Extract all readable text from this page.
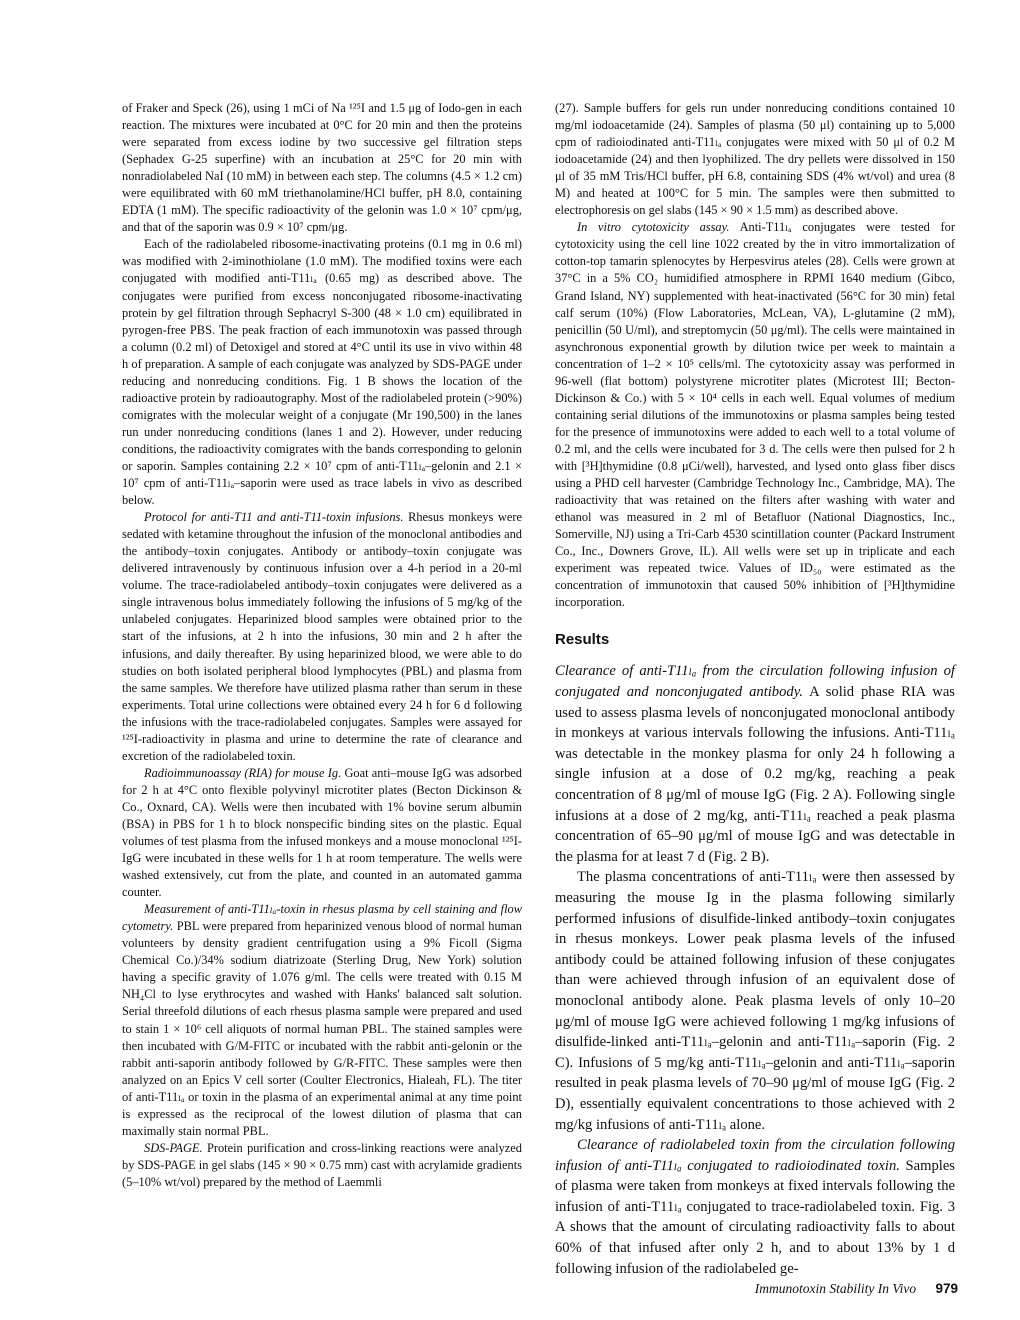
of Fraker and Speck (26), using 1 mCi of Na ¹²⁵I and 1.5 μg of Iodo-gen in each reaction. The mixtures were incubated at 0°C for 20 min and then the proteins were separated from excess iodine by two successive gel filtration steps (Sephadex G-25 superfine) with an incubation at 25°C for 20 min with nonradiolabeled NaI (10 mM) in between each step. The columns (4.5 × 1.2 cm) were equilibrated with 60 mM triethanolamine/HCl buffer, pH 8.0, containing EDTA (1 mM). The specific radioactivity of the gelonin was 1.0 × 10⁷ cpm/μg, and that of the saporin was 0.9 × 10⁷ cpm/μg.

Each of the radiolabeled ribosome-inactivating proteins (0.1 mg in 0.6 ml) was modified with 2-iminothiolane (1.0 mM). The modified toxins were each conjugated with modified anti-T11ₗₐ (0.65 mg) as described above. The conjugates were purified from excess nonconjugated ribosome-inactivating protein by gel filtration through Sephacryl S-300 (48 × 1.0 cm) equilibrated in pyrogen-free PBS. The peak fraction of each immunotoxin was passed through a column (0.2 ml) of Detoxigel and stored at 4°C until its use in vivo within 48 h of preparation. A sample of each conjugate was analyzed by SDS-PAGE under reducing and nonreducing conditions. Fig. 1 B shows the location of the radioactive protein by radioautography. Most of the radiolabeled protein (>90%) comigrates with the molecular weight of a conjugate (Mr 190,500) in the lanes run under nonreducing conditions (lanes 1 and 2). However, under reducing conditions, the radioactivity comigrates with the bands corresponding to gelonin or saporin. Samples containing 2.2 × 10⁷ cpm of anti-T11ₗₐ–gelonin and 2.1 × 10⁷ cpm of anti-T11ₗₐ–saporin were used as trace labels in vivo as described below.

Protocol for anti-T11 and anti-T11-toxin infusions. Rhesus monkeys were sedated with ketamine throughout the infusion of the monoclonal antibodies and the antibody–toxin conjugates. Antibody or antibody–toxin conjugate was delivered intravenously by continuous infusion over a 4-h period in a 20-ml volume. The trace-radiolabeled antibody–toxin conjugates were delivered as a single intravenous bolus immediately following the infusions of 5 mg/kg of the unlabeled conjugates. Heparinized blood samples were obtained prior to the start of the infusions, at 2 h into the infusions, 30 min and 2 h after the infusions, and daily thereafter. By using heparinized blood, we were able to do studies on both isolated peripheral blood lymphocytes (PBL) and plasma from the same samples. We therefore have utilized plasma rather than serum in these experiments. Total urine collections were obtained every 24 h for 6 d following the infusions with the trace-radiolabeled conjugates. Samples were assayed for ¹²⁵I-radioactivity in plasma and urine to determine the rate of clearance and excretion of the radiolabeled toxin.

Radioimmunoassay (RIA) for mouse Ig. Goat anti–mouse IgG was adsorbed for 2 h at 4°C onto flexible polyvinyl microtiter plates (Becton Dickinson & Co., Oxnard, CA). Wells were then incubated with 1% bovine serum albumin (BSA) in PBS for 1 h to block nonspecific binding sites on the plastic. Equal volumes of test plasma from the infused monkeys and a mouse monoclonal ¹²⁵I-IgG were incubated in these wells for 1 h at room temperature. The wells were washed extensively, cut from the plate, and counted in an automated gamma counter.

Measurement of anti-T11ₗₐ-toxin in rhesus plasma by cell staining and flow cytometry. PBL were prepared from heparinized venous blood of normal human volunteers by density gradient centrifugation using a 9% Ficoll (Sigma Chemical Co.)/34% sodium diatrizoate (Sterling Drug, New York) solution having a specific gravity of 1.076 g/ml. The cells were treated with 0.15 M NH₄Cl to lyse erythrocytes and washed with Hanks' balanced salt solution. Serial threefold dilutions of each rhesus plasma sample were prepared and used to stain 1 × 10⁶ cell aliquots of normal human PBL. The stained samples were then incubated with G/M-FITC or incubated with the rabbit anti-gelonin or the rabbit anti-saporin antibody followed by G/R-FITC. These samples were then analyzed on an Epics V cell sorter (Coulter Electronics, Hialeah, FL). The titer of anti-T11ₗₐ or toxin in the plasma of an experimental animal at any time point is expressed as the reciprocal of the lowest dilution of plasma that can maximally stain normal PBL.

SDS-PAGE. Protein purification and cross-linking reactions were analyzed by SDS-PAGE in gel slabs (145 × 90 × 0.75 mm) cast with acrylamide gradients (5–10% wt/vol) prepared by the method of Laemmli

(27). Sample buffers for gels run under nonreducing conditions contained 10 mg/ml iodoacetamide (24). Samples of plasma (50 μl) containing up to 5,000 cpm of radioiodinated anti-T11ₗₐ conjugates were mixed with 50 μl of 0.2 M iodoacetamide (24) and then lyophilized. The dry pellets were dissolved in 150 μl of 35 mM Tris/HCl buffer, pH 6.8, containing SDS (4% wt/vol) and urea (8 M) and heated at 100°C for 5 min. The samples were then submitted to electrophoresis on gel slabs (145 × 90 × 1.5 mm) as described above.

In vitro cytotoxicity assay. Anti-T11ₗₐ conjugates were tested for cytotoxicity using the cell line 1022 created by the in vitro immortalization of cotton-top tamarin splenocytes by Herpesvirus ateles (28). Cells were grown at 37°C in a 5% CO₂ humidified atmosphere in RPMI 1640 medium (Gibco, Grand Island, NY) supplemented with heat-inactivated (56°C for 30 min) fetal calf serum (10%) (Flow Laboratories, McLean, VA), L-glutamine (2 mM), penicillin (50 U/ml), and streptomycin (50 μg/ml). The cells were maintained in asynchronous exponential growth by dilution twice per week to maintain a concentration of 1–2 × 10⁵ cells/ml. The cytotoxicity assay was performed in 96-well (flat bottom) polystyrene microtiter plates (Microtest III; Becton-Dickinson & Co.) with 5 × 10⁴ cells in each well. Equal volumes of medium containing serial dilutions of the immunotoxins or plasma samples being tested for the presence of immunotoxins were added to each well to a total volume of 0.2 ml, and the cells were incubated for 3 d. The cells were then pulsed for 2 h with [³H]thymidine (0.8 μCi/well), harvested, and lysed onto glass fiber discs using a PHD cell harvester (Cambridge Technology Inc., Cambridge, MA). The radioactivity that was retained on the filters after washing with water and ethanol was measured in 2 ml of Betafluor (National Diagnostics, Inc., Somerville, NJ) using a Tri-Carb 4530 scintillation counter (Packard Instrument Co., Inc., Downers Grove, IL). All wells were set up in triplicate and each experiment was repeated twice. Values of ID₅₀ were estimated as the concentration of immunotoxin that caused 50% inhibition of [³H]thymidine incorporation.

Results

Clearance of anti-T11ₗₐ from the circulation following infusion of conjugated and nonconjugated antibody. A solid phase RIA was used to assess plasma levels of nonconjugated monoclonal antibody in monkeys at various intervals following the infusions. Anti-T11ₗₐ was detectable in the monkey plasma for only 24 h following a single infusion at a dose of 0.2 mg/kg, reaching a peak concentration of 8 μg/ml of mouse IgG (Fig. 2 A). Following single infusions at a dose of 2 mg/kg, anti-T11ₗₐ reached a peak plasma concentration of 65–90 μg/ml of mouse IgG and was detectable in the plasma for at least 7 d (Fig. 2 B).

The plasma concentrations of anti-T11ₗₐ were then assessed by measuring the mouse Ig in the plasma following similarly performed infusions of disulfide-linked antibody–toxin conjugates in rhesus monkeys. Lower peak plasma levels of the infused antibody could be attained following infusion of these conjugates than were achieved through infusion of an equivalent dose of monoclonal antibody alone. Peak plasma levels of only 10–20 μg/ml of mouse IgG were achieved following 1 mg/kg infusions of disulfide-linked anti-T11ₗₐ–gelonin and anti-T11ₗₐ–saporin (Fig. 2 C). Infusions of 5 mg/kg anti-T11ₗₐ–gelonin and anti-T11ₗₐ–saporin resulted in peak plasma levels of 70–90 μg/ml of mouse IgG (Fig. 2 D), essentially equivalent concentrations to those achieved with 2 mg/kg infusions of anti-T11ₗₐ alone.

Clearance of radiolabeled toxin from the circulation following infusion of anti-T11ₗₐ conjugated to radioiodinated toxin. Samples of plasma were taken from monkeys at fixed intervals following the infusion of anti-T11ₗₐ conjugated to trace-radiolabeled toxin. Fig. 3 A shows that the amount of circulating radioactivity falls to about 60% of that infused after only 2 h, and to about 13% by 1 d following infusion of the radiolabeled ge-

Immunotoxin Stability In Vivo 979
